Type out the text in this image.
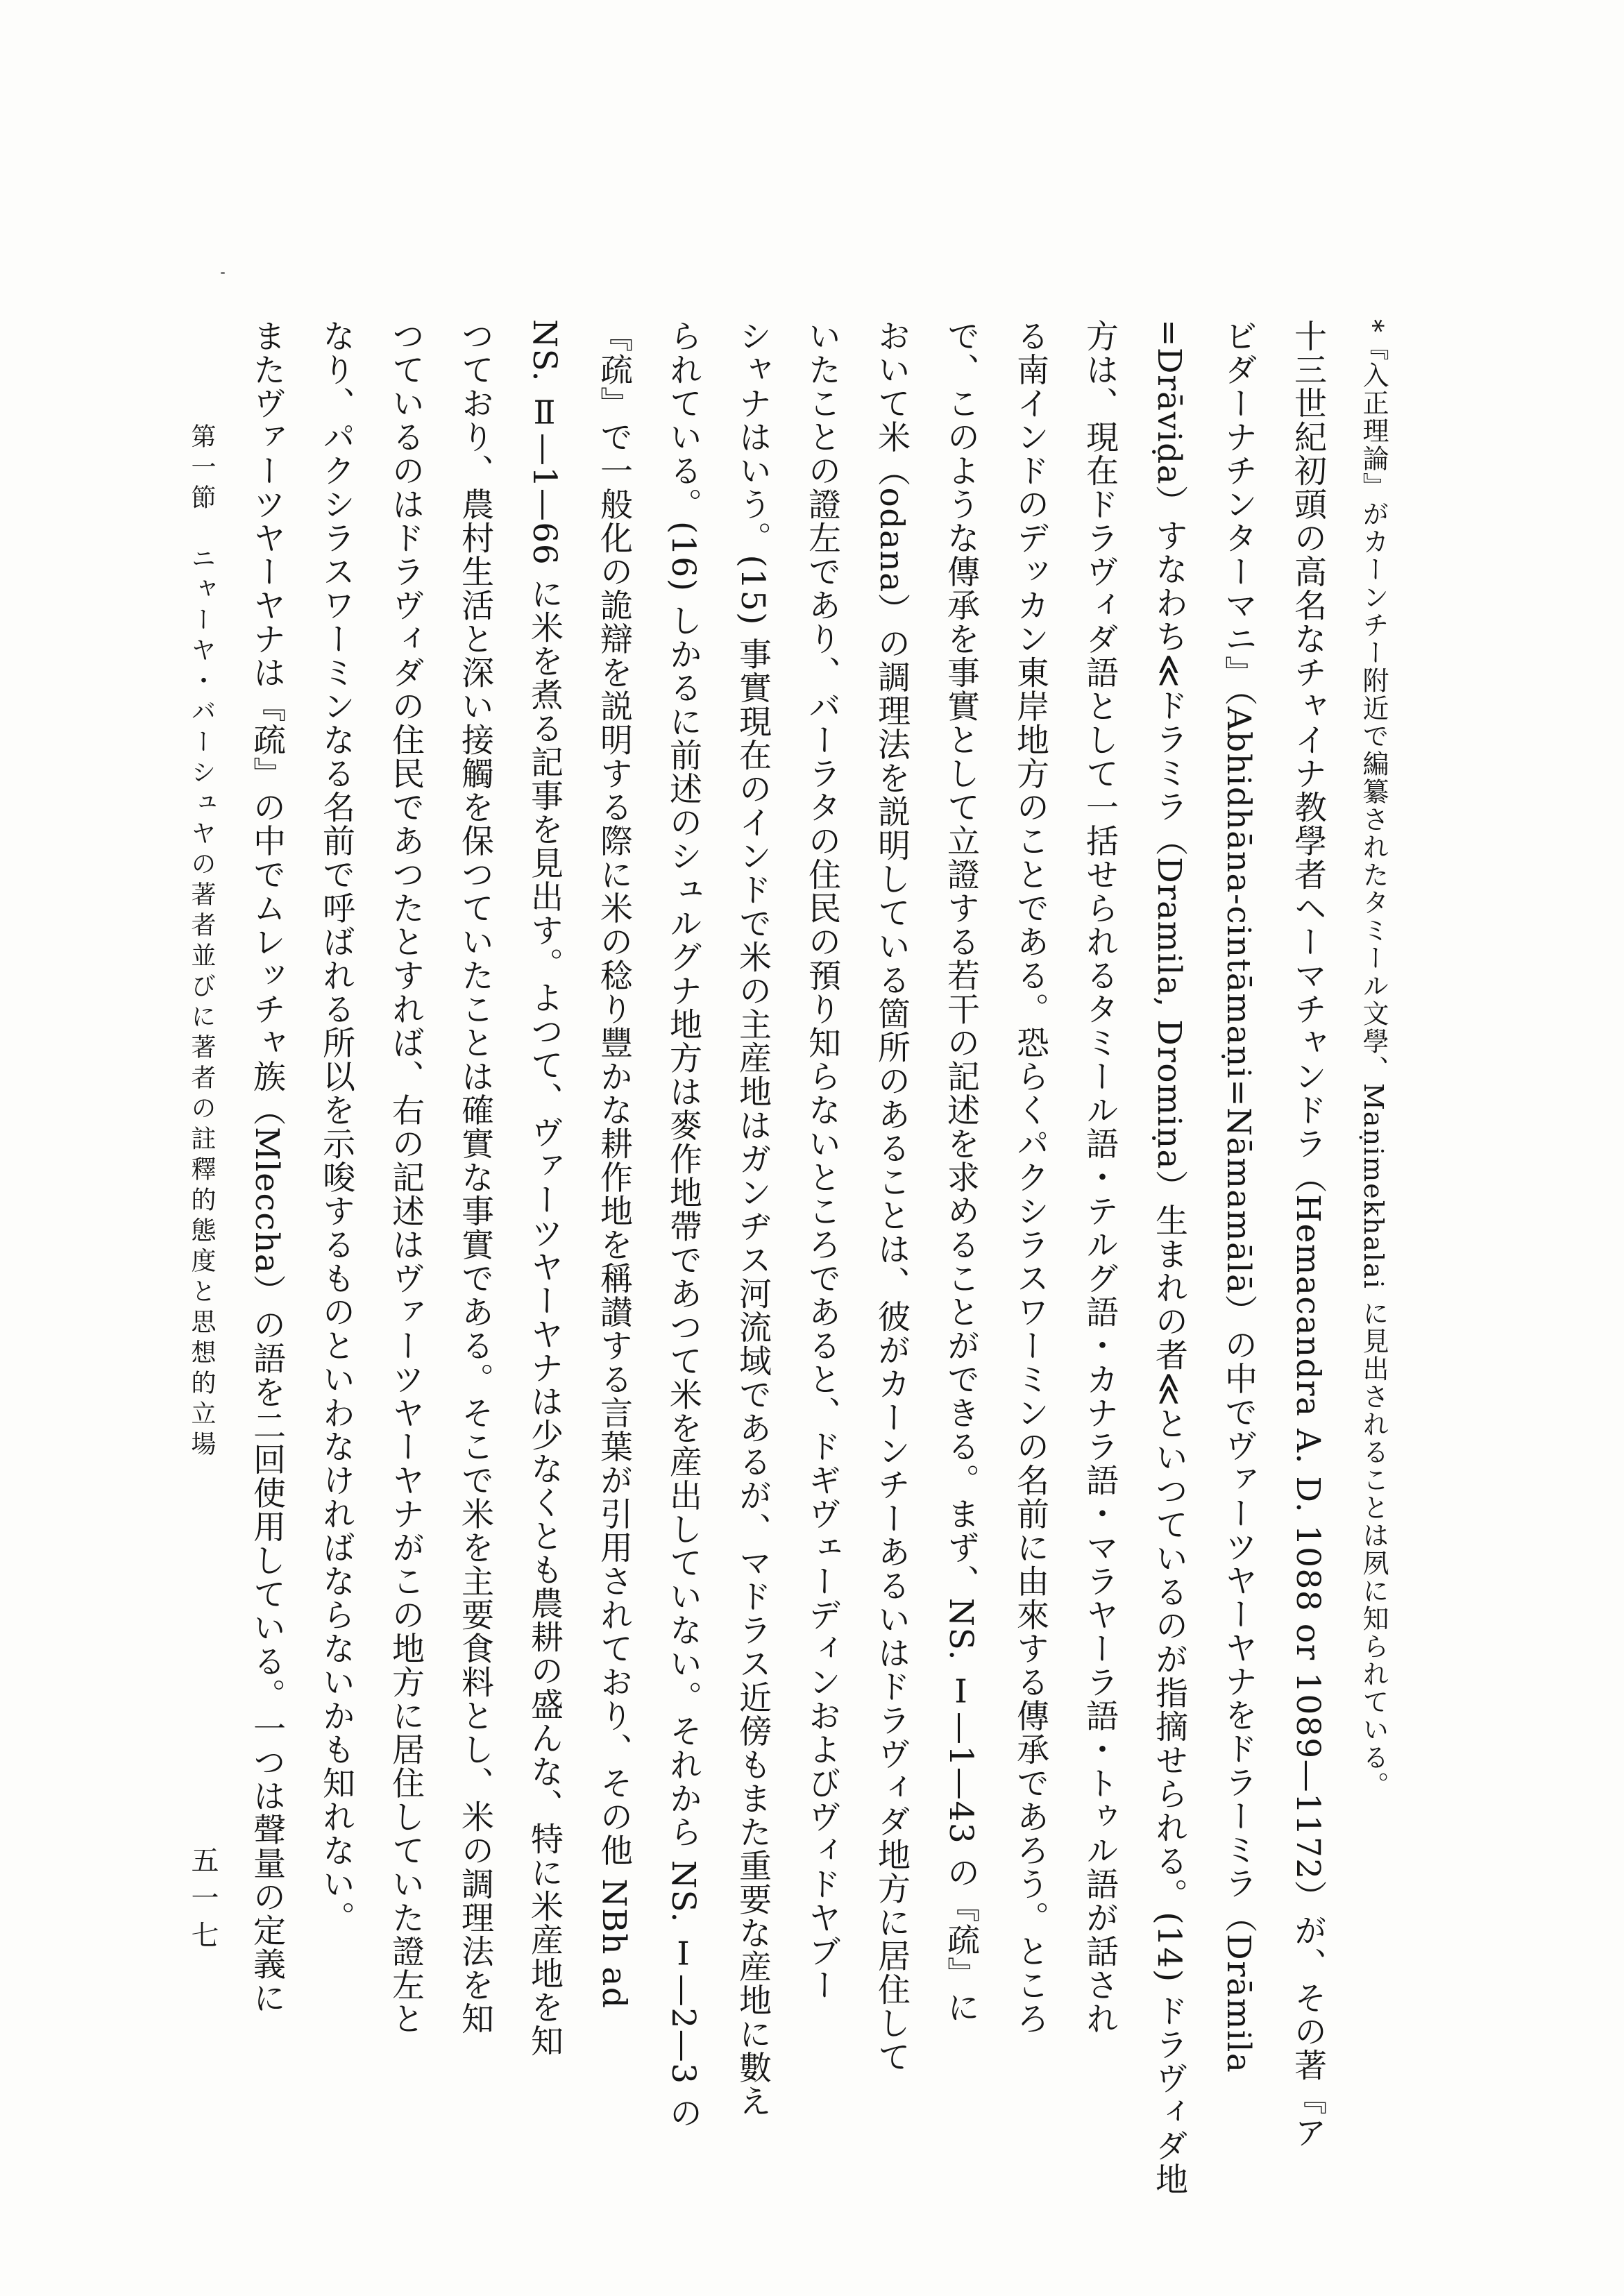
*『入正理論』がカーンチー附近で編纂されたタミール文學、Maṇimekhalai に見出されることは夙に知られている。
十三世紀初頭の高名なチャイナ教學者ヘーマチャンドラ（Hemacandra A. D. 1088 or 1089—1172）が、その著『ア
ビダーナチンターマニ』（Abhidhāna-cintāmaṇi=Nāmamālā）の中でヴァーツヤーヤナをドラーミラ（Drāmila
=Drāviḍa）すなわち≪ドラミラ（Dramila, Dromiṇa）生まれの者≪といつているのが指摘せられる。(14) ドラヴィダ地
方は、現在ドラヴィダ語として一括せられるタミール語・テルグ語・カナラ語・マラヤーラ語・トゥル語が話され
る南インドのデッカン東岸地方のことである。恐らくパクシラスワーミンの名前に由來する傳承であろう。ところ
で、このような傳承を事實として立證する若干の記述を求めることができる。まず、NS. Ⅰ—1—43 の『疏』に
おいて米（odana）の調理法を説明している箇所のあることは、彼がカーンチーあるいはドラヴィダ地方に居住して
いたことの證左であり、バーラタの住民の預り知らないところであると、ドギヴェーディンおよびヴィドヤブー
シャナはいう。(15) 事實現在のインドで米の主産地はガンヂス河流域であるが、マドラス近傍もまた重要な産地に數え
られている。(16) しかるに前述のシュルグナ地方は麥作地帶であつて米を産出していない。それから NS. Ⅰ—2—3 の
『疏』で一般化の詭辯を説明する際に米の稔り豐かな耕作地を稱讃する言葉が引用されており、その他 NBh ad
NS. Ⅱ—1—66 に米を煮る記事を見出す。よつて、ヴァーツヤーヤナは少なくとも農耕の盛んな、特に米産地を知
つており、農村生活と深い接觸を保つていたことは確實な事實である。そこで米を主要食料とし、米の調理法を知
つているのはドラヴィダの住民であつたとすれば、右の記述はヴァーツヤーヤナがこの地方に居住していた證左と
なり、パクシラスワーミンなる名前で呼ばれる所以を示唆するものといわなければならないかも知れない。
またヴァーツヤーヤナは『疏』の中でムレッチャ族（Mleccha）の語を二回使用している。一つは聲量の定義に
第一節　ニャーヤ・バーシュヤの著者並びに著者の註釋的態度と思想的立場
五一七
